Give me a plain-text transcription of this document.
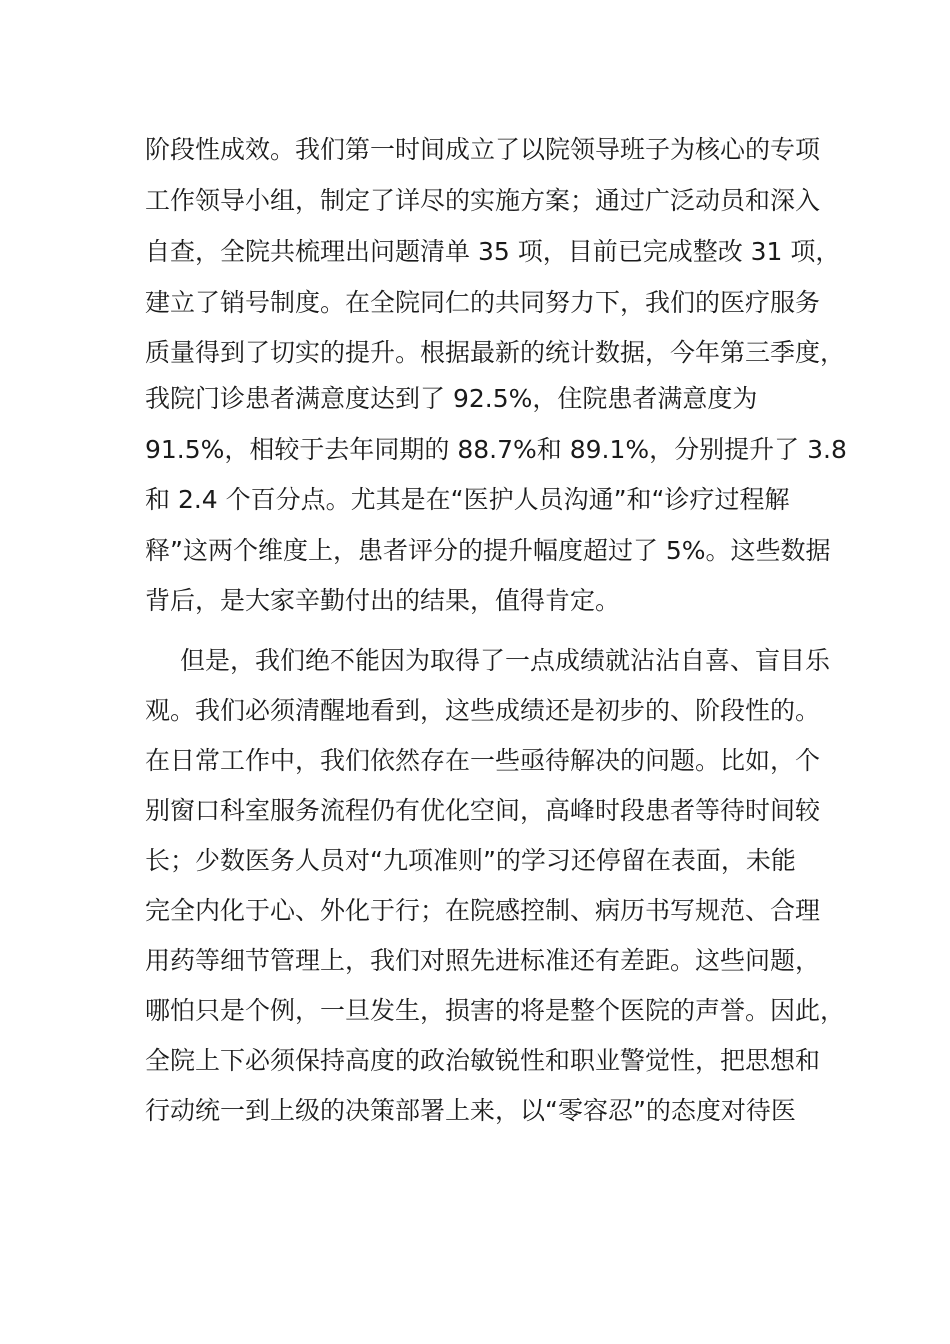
阶段性成效。我们第一时间成立了以院领导班子为核心的专项
工作领导小组，制定了详尽的实施方案；通过广泛动员和深入
自查，全院共梳理出问题清单 35 项，目前已完成整改 31 项，
建立了销号制度。在全院同仁的共同努力下，我们的医疗服务
质量得到了切实的提升。根据最新的统计数据，今年第三季度，
我院门诊患者满意度达到了 92.5%，住院患者满意度为
91.5%，相较于去年同期的 88.7%和 89.1%，分别提升了 3.8
和 2.4 个百分点。尤其是在“医护人员沟通”和“诊疗过程解
释”这两个维度上，患者评分的提升幅度超过了 5%。这些数据
背后，是大家辛勤付出的结果，值得肯定。
但是，我们绝不能因为取得了一点成绩就沾沾自喜、盲目乐
观。我们必须清醒地看到，这些成绩还是初步的、阶段性的。
在日常工作中，我们依然存在一些亟待解决的问题。比如，个
别窗口科室服务流程仍有优化空间，高峰时段患者等待时间较
长；少数医务人员对“九项准则”的学习还停留在表面，未能
完全内化于心、外化于行；在院感控制、病历书写规范、合理
用药等细节管理上，我们对照先进标准还有差距。这些问题，
哪怕只是个例，一旦发生，损害的将是整个医院的声誉。因此，
全院上下必须保持高度的政治敏锐性和职业警觉性，把思想和
行动统一到上级的决策部署上来，以“零容忍”的态度对待医
